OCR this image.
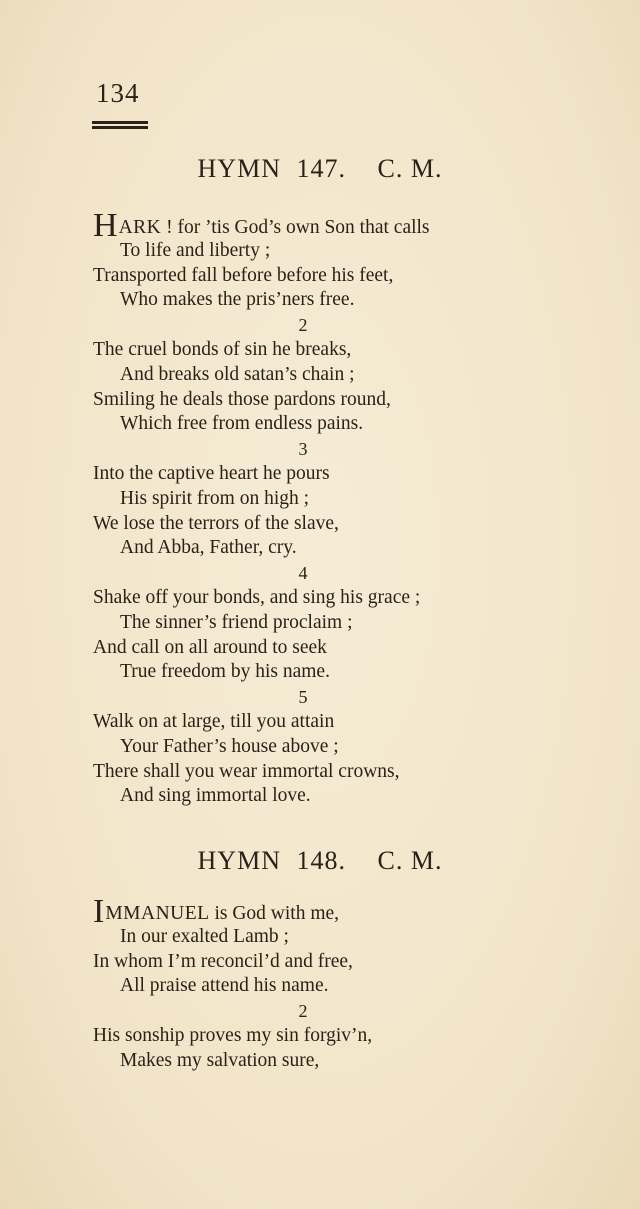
134
HYMN 147. C. M.
HARK ! for ’tis God’s own Son that calls
To life and liberty ;
Transported fall before before his feet,
Who makes the pris’ners free.
2
The cruel bonds of sin he breaks,
And breaks old satan’s chain ;
Smiling he deals those pardons round,
Which free from endless pains.
3
Into the captive heart he pours
His spirit from on high ;
We lose the terrors of the slave,
And Abba, Father, cry.
4
Shake off your bonds, and sing his grace ;
The sinner’s friend proclaim ;
And call on all around to seek
True freedom by his name.
5
Walk on at large, till you attain
Your Father’s house above ;
There shall you wear immortal crowns,
And sing immortal love.
HYMN 148. C. M.
IMMANUEL is God with me,
In our exalted Lamb ;
In whom I’m reconcil’d and free,
All praise attend his name.
2
His sonship proves my sin forgiv’n,
Makes my salvation sure,
